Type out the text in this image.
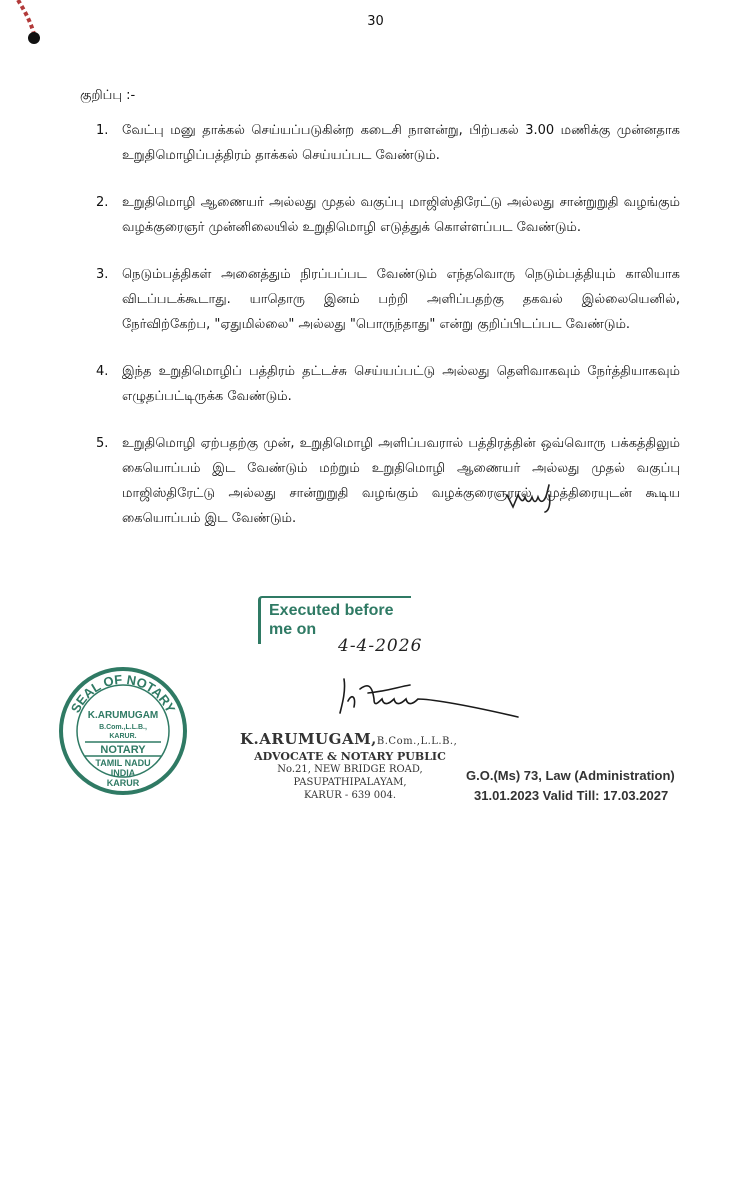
30
குறிப்பு :-
1.	வேட்பு மனு தாக்கல் செய்யப்படுகின்ற கடைசி நாளன்று, பிற்பகல் 3.00 மணிக்கு முன்னதாக உறுதிமொழிப்பத்திரம் தாக்கல் செய்யப்பட வேண்டும்.
2.	உறுதிமொழி ஆணையர் அல்லது முதல் வகுப்பு மாஜிஸ்திரேட்டு அல்லது சான்றுறுதி வழங்கும் வழக்குரைஞர் முன்னிலையில் உறுதிமொழி எடுத்துக் கொள்ளப்பட வேண்டும்.
3.	நெடும்பத்திகள் அனைத்தும் நிரப்பப்பட வேண்டும் எந்தவொரு நெடும்பத்தியும் காலியாக விடப்படக்கூடாது. யாதொரு இனம் பற்றி அளிப்பதற்கு தகவல் இல்லையெனில், நேர்விற்கேற்ப, "ஏதுமில்லை" அல்லது "பொருந்தாது" என்று குறிப்பிடப்பட வேண்டும்.
4.	இந்த உறுதிமொழிப் பத்திரம் தட்டச்சு செய்யப்பட்டு அல்லது தெளிவாகவும் நேர்த்தியாகவும் எழுதப்பட்டிருக்க வேண்டும்.
5.	உறுதிமொழி ஏற்பதற்கு முன், உறுதிமொழி அளிப்பவரால் பத்திரத்தின் ஒவ்வொரு பக்கத்திலும் கையொப்பம் இட வேண்டும் மற்றும் உறுதிமொழி ஆணையர் அல்லது முதல் வகுப்பு மாஜிஸ்திரேட்டு அல்லது சான்றுறுதி வழங்கும் வழக்குரைஞரால் முத்திரையுடன் கூடிய கையொப்பம் இட வேண்டும்.
Executed before
me on
4-4-2026
SEAL OF NOTARY
K.ARUMUGAM
B.Com.,L.L.B.,
KARUR.
NOTARY
TAMIL NADU
INDIA
KARUR
K.ARUMUGAM,B.Com.,L.L.B.,
ADVOCATE & NOTARY PUBLIC
No.21, NEW BRIDGE ROAD,
PASUPATHIPALAYAM,
KARUR - 639 004.
G.O.(Ms) 73, Law (Administration)
31.01.2023 Valid Till: 17.03.2027
